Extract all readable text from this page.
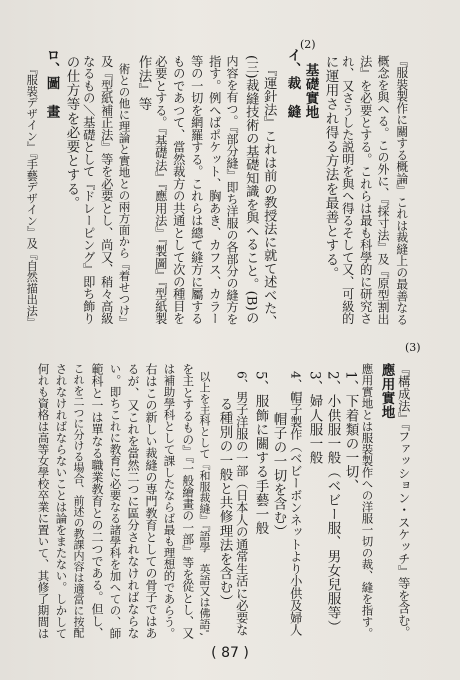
(2)
『服裝製作に關する概論』これは裁縫上の最善なる
概念を與へる。この外に、『採寸法』及『原型割出
法』を必要とする。これらは最も科學的に研究さ
れ、又さうした説明を與へ得るそして又、可級的
に運用され得る方法を最善とする。
基礎實地
イ、裁　縫
『運針法』これは前の教授法に就て述べた、
(三)裁縫技術の基礎知識を與へること。(B)の
内容を有つ。『部分縫』即ち洋服の各部分の縫方を
指す。例へばポケット、胸あき、カフス、カラー
等の一切を網羅する。これらは總て縫方に屬する
ものであつて、當然裁方の共通として次の種目を
必要とする。『基礎法』『應用法』『製圖』『型紙製
作法』等
術との他に理論と實地との兩方面から『着せつけ』
及『型紙補正法』等を必要とし、尚又、稍々高級
なるもの＼基礎として『ドレーピング』即ち飾り
の仕方等を必要とする。
ロ、圖　畫
『服裝デザイン』『手藝デザイン』及『自然描出法』
(3)
『構成法』『ファッション・スケッチ』等を含む。
應用實地
應用實地とは服裝製作への洋服一切の裁、縫を指す。
1、下着類の一切、
2、小供服一般（ベビー服、男女兒服等）
3、婦人服一般
4、帽子製作（ベビーボンネットより小供及婦人
帽子の一切を含む）
5、服飾に關する手藝一般
6、男子洋服の一部（日本人の通常生活に必要な
る種別の一般と共修理法を含む）
以上を主科として『和服裁縫』『語學　英語又は佛語',
を主とするもの』『一般繪畫の一部』等を從とし、又
は補助學科として課したならば最も理想的であらう。
右はこの新しい裁縫の専門教育としての骨子ではあ
るが、又これを當然二つに區分されなければならな
い。即ちこれに教育に必要なる諸學科を加へての、師
範科と一は單なる職業教育との二つである。但し、
これを二つに分ける場合、前述の教課内容は適當に按配
されなければならないことは論をまたない。しかして
何れも資格は高等女學校卒業に置いて、其修了期間は
( 87 )
